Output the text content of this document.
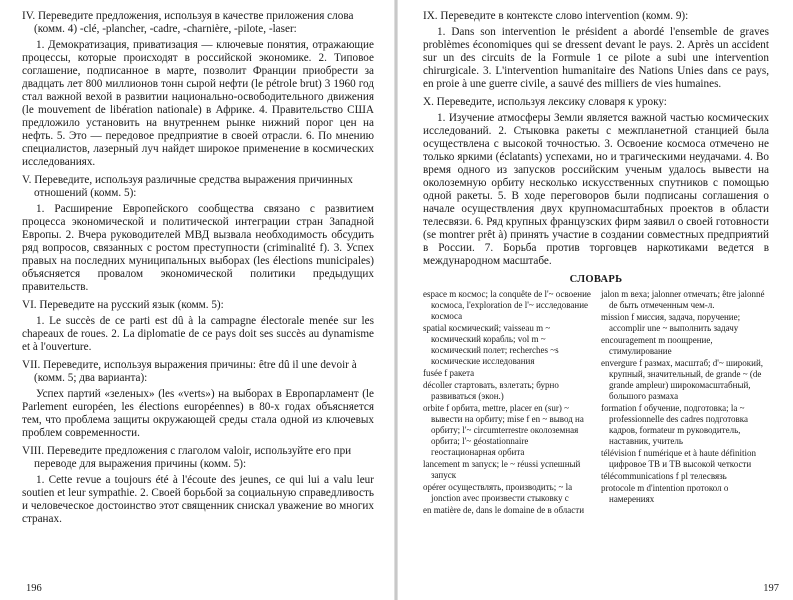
IV. Переведите предложения, используя в качестве приложения слова (комм. 4) -clé, -plancher, -cadre, -charnière, -pilote, -laser:

1. Демократизация, приватизация — ключевые понятия, отражающие процессы, которые происходят в российской экономике. 2. Типовое соглашение, подписанное в марте, позволит Франции приобрести за двадцать лет 800 миллионов тонн сырой нефти (le pétrole brut) 3 1960 год стал важной вехой в развитии национально-освободительного движения (le mouvement de libération nationale) в Африке. 4. Правительство США предложило установить на внутреннем рынке нижний порог цен на нефть. 5. Это — передовое предприятие в своей отрасли. 6. По мнению специалистов, лазерный луч найдет широкое применение в космических исследованиях.

V. Переведите, используя различные средства выражения причинных отношений (комм. 5):

1. Расширение Европейского сообщества связано с развитием процесса экономической и политической интеграции стран Западной Европы. 2. Вчера руководителей МВД вызвала необходимость обсудить ряд вопросов, связанных с ростом преступности (criminalité f). 3. Успех правых на последних муниципальных выборах (les élections municipales) объясняется провалом экономической политики предыдущих правительств.

VI. Переведите на русский язык (комм. 5):

1. Le succès de ce parti est dû à la campagne électorale menée sur les chapeaux de roues. 2. La diplomatie de ce pays doit ses succès au dynamisme et à l'ouverture.

VII. Переведите, используя выражения причины: être dû il une devoir à (комм. 5; два варианта):

Успех партий «зеленых» (les «verts») на выборах в Европарламент (le Parlement européen, les élections européennes) в 80-х годах объясняется тем, что проблема защиты окружающей среды стала одной из ключевых проблем современности.

VIII. Переведите предложения с глаголом valoir, используйте его при переводе для выражения причины (комм. 5):

1. Cette revue a toujours été à l'écoute des jeunes, ce qui lui a valu leur soutien et leur sympathie. 2. Своей борьбой за социальную справедливость и человеческое достоинство этот священник снискал уважение во многих странах.

196

IX. Переведите в контексте слово intervention (комм. 9):

1. Dans son intervention le président a abordé l'ensemble de graves problèmes économiques qui se dressent devant le pays. 2. Après un accident sur un des circuits de la Formule 1 ce pilote a subi une intervention chirurgicale. 3. L'intervention humanitaire des Nations Unies dans ce pays, en proie à une guerre civile, a sauvé des milliers de vies humaines.

X. Переведите, используя лексику словаря к уроку:

1. Изучение атмосферы Земли является важной частью космических исследований. 2. Стыковка ракеты с межпланетной станцией была осуществлена с высокой точностью. 3. Освоение космоса отмечено не только яркими (éclatants) успехами, но и трагическими неудачами. 4. Во время одного из запусков российским ученым удалось вывести на околоземную орбиту несколько искусственных спутников с помощью одной ракеты. 5. В ходе переговоров были подписаны соглашения о начале осуществления двух крупномасштабных проектов в области телесвязи. 6. Ряд крупных французских фирм заявил о своей готовности (se montrer prêt à) принять участие в создании совместных предприятий в России. 7. Борьба против торговцев наркотиками ведется в международном масштабе.

СЛОВАРЬ

espace m космос; la conquête de l'~ освоение космоса, l'exploration de l'~ исследование космоса

spatial космический; vaisseau m ~ космический корабль; vol m ~ космический полет; recherches ~s космические исследования

fusée f ракета

décoller стартовать, взлетать; бурно развиваться (экон.)

orbite f орбита, mettre, placer en (sur) ~ вывести на орбиту; mise f en ~ вывод на орбиту; l'~ circumterrestre околоземная орбита; l'~ géostationnaire геостационарная орбита

lancement m запуск; le ~ réussi успешный запуск

opérer осуществлять, производить; ~ la jonction avec произвести стыковку с

en matière de, dans le domaine de в области

jalon m веха; jalonner отмечать; être jalonné de быть отмеченным чем-л.

mission f миссия, задача, поручение; accomplir une ~ выполнить задачу

encouragement m поощрение, стимулирование

envergure f размах, масштаб; d'~ широкий, крупный, значительный, de grande ~ (de grande ampleur) широкомасштабный, большого размаха

formation f обучение, подготовка; la ~ professionnelle des cadres подготовка кадров, formateur m руководитель, наставник, учитель

télévision f numérique et à haute définition цифровое ТВ и ТВ высокой четкости

télécommunications f pl телесвязь

protocole m d'intention протокол о намерениях

197
